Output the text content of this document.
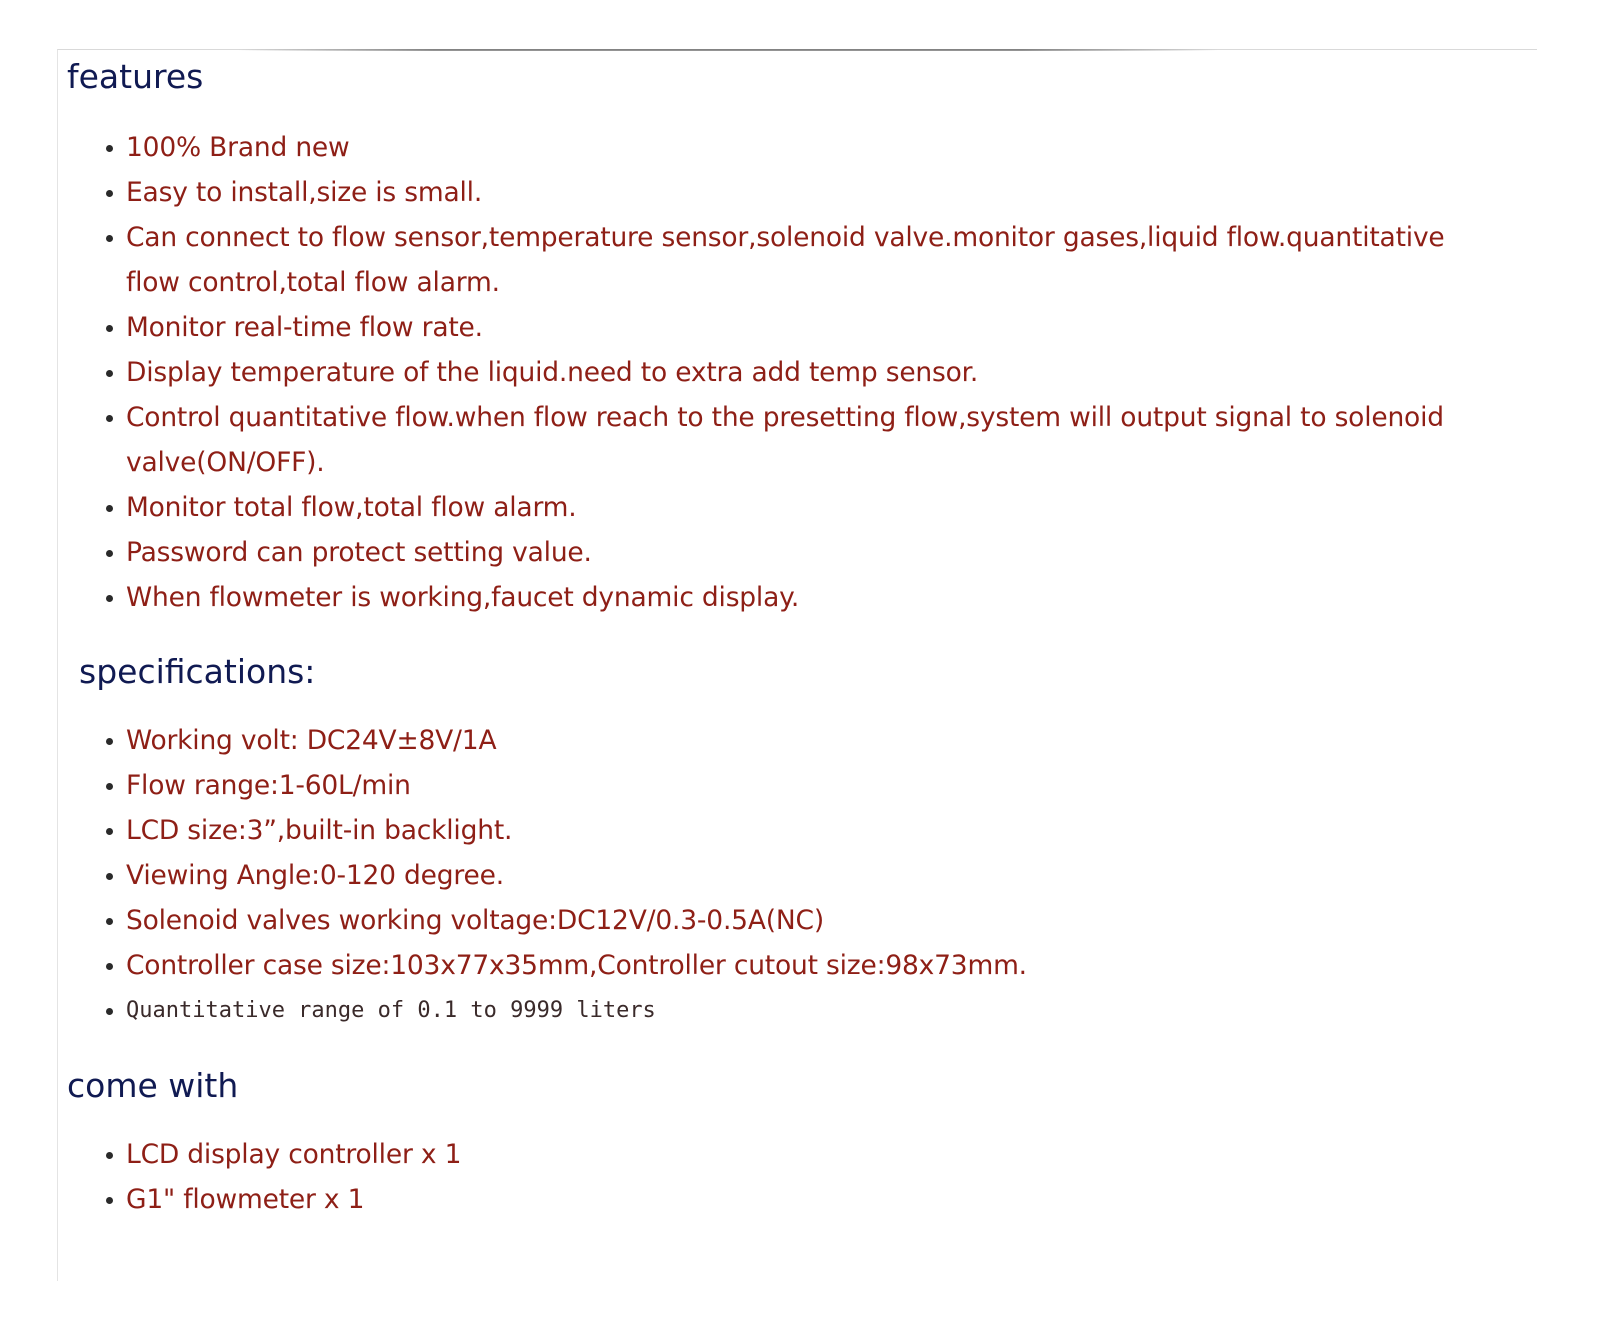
features
100% Brand new
Easy to install,size is small.
Can connect to flow sensor,temperature sensor,solenoid valve.monitor gases,liquid flow.quantitative flow control,total flow alarm.
Monitor real-time flow rate.
Display temperature of the liquid.need to extra add temp sensor.
Control quantitative flow.when flow reach to the presetting flow,system will output signal to solenoid valve(ON/OFF).
Monitor total flow,total flow alarm.
Password can protect setting value.
When flowmeter is working,faucet dynamic display.
specifications:
Working volt: DC24V±8V/1A
Flow range:1-60L/min
LCD size:3”,built-in backlight.
Viewing Angle:0-120 degree.
Solenoid valves working voltage:DC12V/0.3-0.5A(NC)
Controller case size:103x77x35mm,Controller cutout size:98x73mm.
Quantitative range of 0.1 to 9999 liters
come with
LCD display controller x 1
G1" flowmeter x 1
